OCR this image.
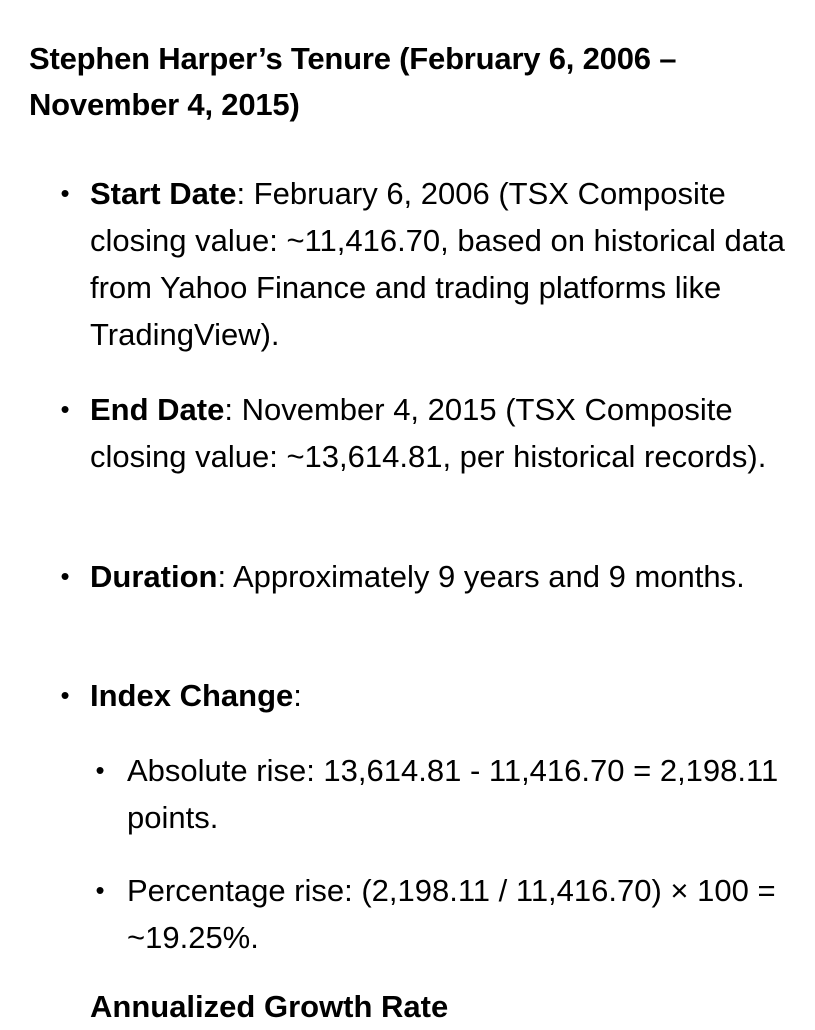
Stephen Harper’s Tenure (February 6, 2006 – November 4, 2015)
• Start Date: February 6, 2006 (TSX Composite closing value: ~11,416.70, based on historical data from Yahoo Finance and trading platforms like TradingView).
• End Date: November 4, 2015 (TSX Composite closing value: ~13,614.81, per historical records).
• Duration: Approximately 9 years and 9 months.
• Index Change:
• Absolute rise: 13,614.81 - 11,416.70 = 2,198.11 points.
• Percentage rise: (2,198.11 / 11,416.70) × 100 = ~19.25%.
Annualized Growth Rate
